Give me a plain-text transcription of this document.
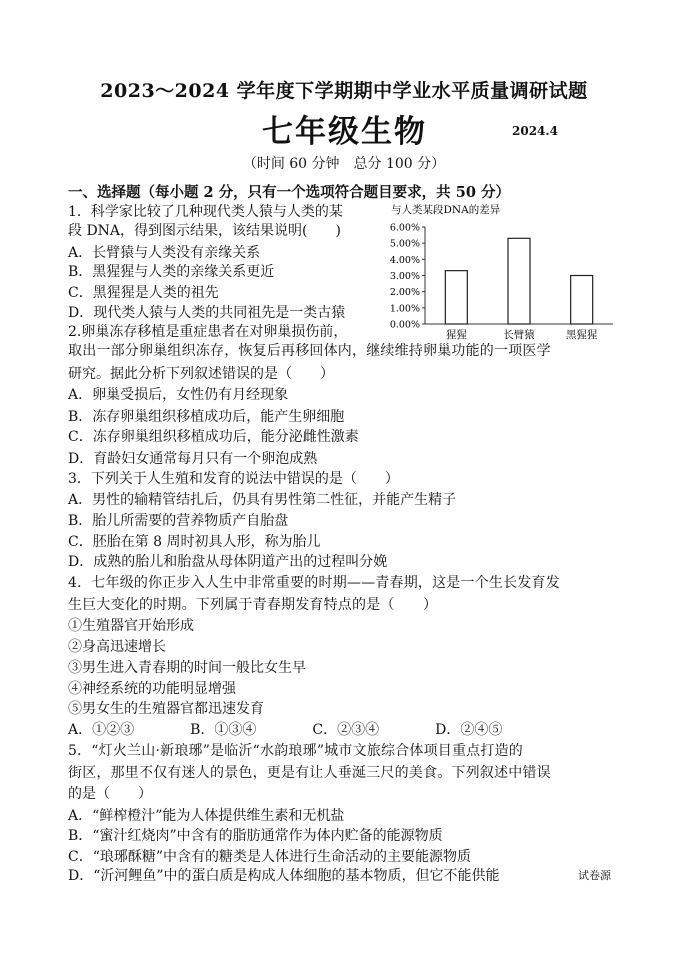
2023～2024 学年度下学期期中学业水平质量调研试题
七年级生物	2024.4
（时间 60 分钟　总分 100 分）
一、选择题（每小题 2 分，只有一个选项符合题目要求，共 50 分）
1．科学家比较了几种现代类人猿与人类的某
段 DNA，得到图示结果，该结果说明(　　)
A．长臂猿与人类没有亲缘关系
B．黑猩猩与人类的亲缘关系更近
C．黑猩猩是人类的祖先
D．现代类人猿与人类的共同祖先是一类古猿
2.卵巢冻存移植是重症患者在对卵巢损伤前，
取出一部分卵巢组织冻存，恢复后再移回体内，继续维持卵巢功能的一项医学
研究。据此分析下列叙述错误的是（　　）
A．卵巢受损后，女性仍有月经现象
B．冻存卵巢组织移植成功后，能产生卵细胞
C．冻存卵巢组织移植成功后，能分泌雌性激素
D．育龄妇女通常每月只有一个卵泡成熟
3．下列关于人生殖和发育的说法中错误的是（　　）
A．男性的输精管结扎后，仍具有男性第二性征，并能产生精子
B．胎儿所需要的营养物质产自胎盘
C．胚胎在第 8 周时初具人形，称为胎儿
D．成熟的胎儿和胎盘从母体阴道产出的过程叫分娩
4．七年级的你正步入人生中非常重要的时期——青春期，这是一个生长发育发
生巨大变化的时期。下列属于青春期发育特点的是（　　）
①生殖器官开始形成
②身高迅速增长
③男生进入青春期的时间一般比女生早
④神经系统的功能明显增强
⑤男女生的生殖器官都迅速发育
A．①②③　　　　B．①③④　　　　C．②③④　　　　D．②④⑤
5．“灯火兰山·新琅琊”是临沂“水韵琅琊”城市文旅综合体项目重点打造的
街区，那里不仅有迷人的景色，更是有让人垂涎三尺的美食。下列叙述中错误
的是（　　）
A．“鲜榨橙汁”能为人体提供维生素和无机盐
B．“蜜汁红烧肉”中含有的脂肪通常作为体内贮备的能源物质
C．“琅琊酥糖”中含有的糖类是人体进行生命活动的主要能源物质
D．“沂河鲤鱼”中的蛋白质是构成人体细胞的基本物质，但它不能供能
与人类某段DNA的差异
0.00%
1.00%
2.00%
3.00%
4.00%
5.00%
6.00%
猩猩	长臂猿	黑猩猩
试卷源
